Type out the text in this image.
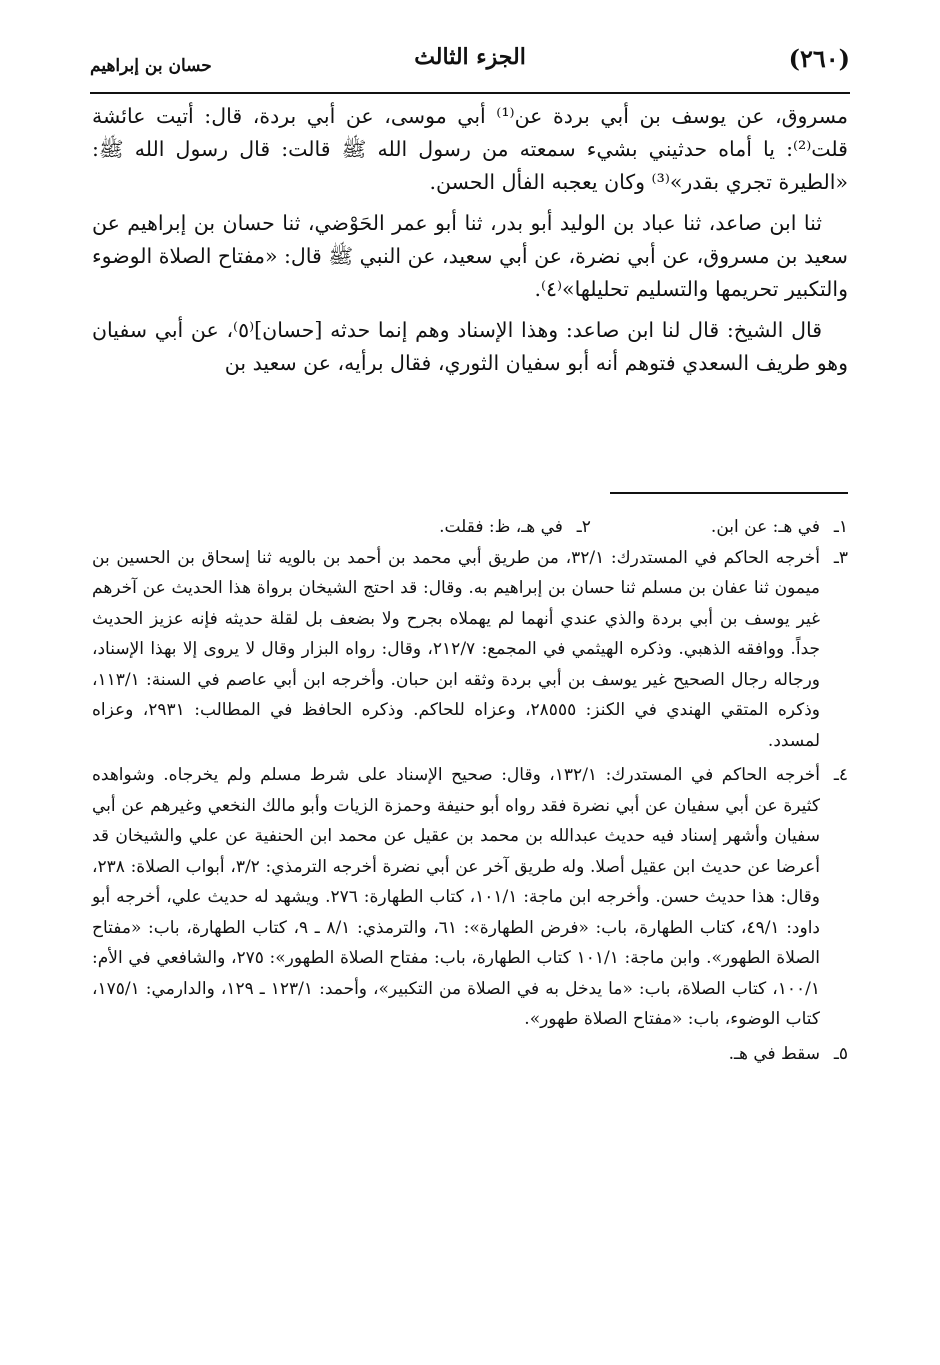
(٢٦٠)
الجزء الثالث
حسان بن إبراهيم

مسروق، عن يوسف بن أبي بردة عن⁽¹⁾ أبي موسى، عن أبي بردة، قال: أتيت عائشة قلت⁽²⁾: يا أماه حدثيني بشيء سمعته من رسول الله ﷺ قالت: قال رسول الله ﷺ: «الطيرة تجري بقدر»⁽³⁾ وكان يعجبه الفأل الحسن.

ثنا ابن صاعد، ثنا عباد بن الوليد أبو بدر، ثنا أبو عمر الحَوْضي، ثنا حسان بن إبراهيم عن سعيد بن مسروق، عن أبي نضرة، عن أبي سعيد، عن النبي ﷺ قال: «مفتاح الصلاة الوضوء والتكبير تحريمها والتسليم تحليلها»⁽٤⁾.

قال الشيخ: قال لنا ابن صاعد: وهذا الإسناد وهم إنما حدثه [حسان]⁽٥⁾، عن أبي سفيان وهو طريف السعدي فتوهم أنه أبو سفيان الثوري، فقال برأيه، عن سعيد بن

١ـ
في هـ: عن ابن.
٢ـ
في هـ، ظ: فقلت.
٣ـ
أخرجه الحاكم في المستدرك: ٣٢/١، من طريق أبي محمد بن أحمد بن بالويه ثنا إسحاق بن الحسين بن ميمون ثنا عفان بن مسلم ثنا حسان بن إبراهيم به. وقال: قد احتج الشيخان برواة هذا الحديث عن آخرهم غير يوسف بن أبي بردة والذي عندي أنهما لم يهملاه بجرح ولا بضعف بل لقلة حديثه فإنه عزيز الحديث جداً. ووافقه الذهبي. وذكره الهيثمي في المجمع: ٢١٢/٧، وقال: رواه البزار وقال لا يروى إلا بهذا الإسناد، ورجاله رجال الصحيح غير يوسف بن أبي بردة وثقه ابن حبان. وأخرجه ابن أبي عاصم في السنة: ١١٣/١، وذكره المتقي الهندي في الكنز: ٢٨٥٥٥، وعزاه للحاكم. وذكره الحافظ في المطالب: ٢٩٣١، وعزاه لمسدد.
٤ـ
أخرجه الحاكم في المستدرك: ١٣٢/١، وقال: صحيح الإسناد على شرط مسلم ولم يخرجاه. وشواهده كثيرة عن أبي سفيان عن أبي نضرة فقد رواه أبو حنيفة وحمزة الزيات وأبو مالك النخعي وغيرهم عن أبي سفيان وأشهر إسناد فيه حديث عبدالله بن محمد بن عقيل عن محمد ابن الحنفية عن علي والشيخان قد أعرضا عن حديث ابن عقيل أصلا. وله طريق آخر عن أبي نضرة أخرجه الترمذي: ٣/٢، أبواب الصلاة: ٢٣٨، وقال: هذا حديث حسن. وأخرجه ابن ماجة: ١٠١/١، كتاب الطهارة: ٢٧٦. ويشهد له حديث علي، أخرجه أبو داود: ٤٩/١، كتاب الطهارة، باب: «فرض الطهارة»: ٦١، والترمذي: ٨/١ ـ ٩، كتاب الطهارة، باب: «مفتاح الصلاة الطهور». وابن ماجة: ١٠١/١ كتاب الطهارة، باب: مفتاح الصلاة الطهور»: ٢٧٥، والشافعي في الأم: ١٠٠/١، كتاب الصلاة، باب: «ما يدخل به في الصلاة من التكبير»، وأحمد: ١٢٣/١ ـ ١٢٩، والدارمي: ١٧٥/١، كتاب الوضوء، باب: «مفتاح الصلاة طهور».
٥ـ
سقط في هـ.
